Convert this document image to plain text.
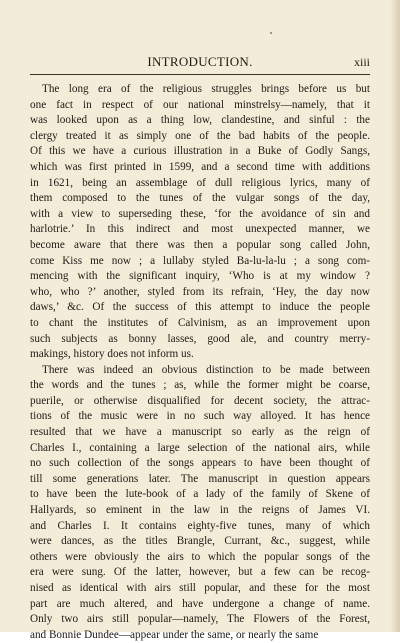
INTRODUCTION.	xiii
The long era of the religious struggles brings before us but
one fact in respect of our national minstrelsy—namely, that it
was looked upon as a thing low, clandestine, and sinful : the
clergy treated it as simply one of the bad habits of the people.
Of this we have a curious illustration in a Buke of Godly Sangs,
which was first printed in 1599, and a second time with additions
in 1621, being an assemblage of dull religious lyrics, many of
them composed to the tunes of the vulgar songs of the day,
with a view to superseding these, ‘for the avoidance of sin and
harlotrie.’ In this indirect and most unexpected manner, we
become aware that there was then a popular song called John,
come Kiss me now ; a lullaby styled Ba-lu-la-lu ; a song com-
mencing with the significant inquiry, ‘Who is at my window ?
who, who ?’ another, styled from its refrain, ‘Hey, the day now
daws,’ &c. Of the success of this attempt to induce the people
to chant the institutes of Calvinism, as an improvement upon
such subjects as bonny lasses, good ale, and country merry-
makings, history does not inform us.
There was indeed an obvious distinction to be made between
the words and the tunes ; as, while the former might be coarse,
puerile, or otherwise disqualified for decent society, the attrac-
tions of the music were in no such way alloyed. It has hence
resulted that we have a manuscript so early as the reign of
Charles I., containing a large selection of the national airs, while
no such collection of the songs appears to have been thought of
till some generations later. The manuscript in question appears
to have been the lute-book of a lady of the family of Skene of
Hallyards, so eminent in the law in the reigns of James VI.
and Charles I. It contains eighty-five tunes, many of which
were dances, as the titles Brangle, Currant, &c., suggest, while
others were obviously the airs to which the popular songs of the
era were sung. Of the latter, however, but a few can be recog-
nised as identical with airs still popular, and these for the most
part are much altered, and have undergone a change of name.
Only two airs still popular—namely, The Flowers of the Forest,
and Bonnie Dundee—appear under the same, or nearly the same
